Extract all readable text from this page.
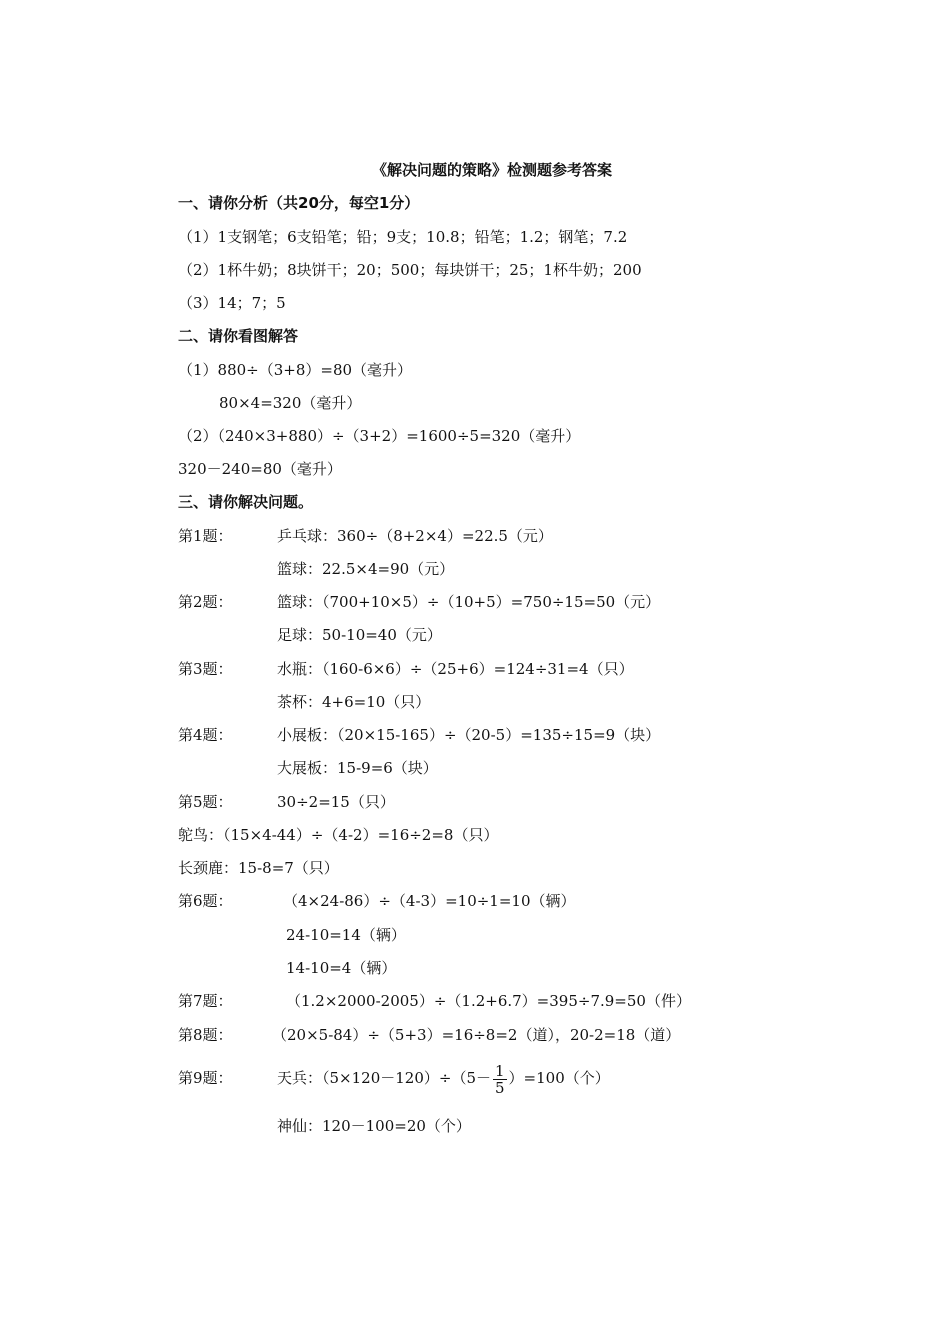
《解决问题的策略》检测题参考答案
一、请你分析（共20分，每空1分）
（1）1支钢笔；6支铅笔；铅；9支；10.8；铅笔；1.2；钢笔；7.2
（2）1杯牛奶；8块饼干；20；500；每块饼干；25；1杯牛奶；200
（3）14；7；5
二、请你看图解答
（1）880÷（3+8）=80（毫升）
80×4=320（毫升）
（2）（240×3+880）÷（3+2）=1600÷5=320（毫升）
320－240=80（毫升）
三、请你解决问题。
第1题：	乒乓球：360÷（8+2×4）=22.5（元）
篮球：22.5×4=90（元）
第2题：	篮球：（700+10×5）÷（10+5）=750÷15=50（元）
足球：50-10=40（元）
第3题：	水瓶：（160-6×6）÷（25+6）=124÷31=4（只）
茶杯：4+6=10（只）
第4题：	小展板：（20×15-165）÷（20-5）=135÷15=9（块）
大展板：15-9=6（块）
第5题：	30÷2=15（只）
鸵鸟：（15×4-44）÷（4-2）=16÷2=8（只）
长颈鹿：15-8=7（只）
第6题：	（4×24-86）÷（4-3）=10÷1=10（辆）
24-10=14（辆）
14-10=4（辆）
第7题：	（1.2×2000-2005）÷（1.2+6.7）=395÷7.9=50（件）
第8题：	（20×5-84）÷（5+3）=16÷8=2（道），20-2=18（道）
第9题：	天兵：$(5\times 120-120)\div(5- \frac{1}{5} )=100$（个）
神仙：120－100=20（个）
